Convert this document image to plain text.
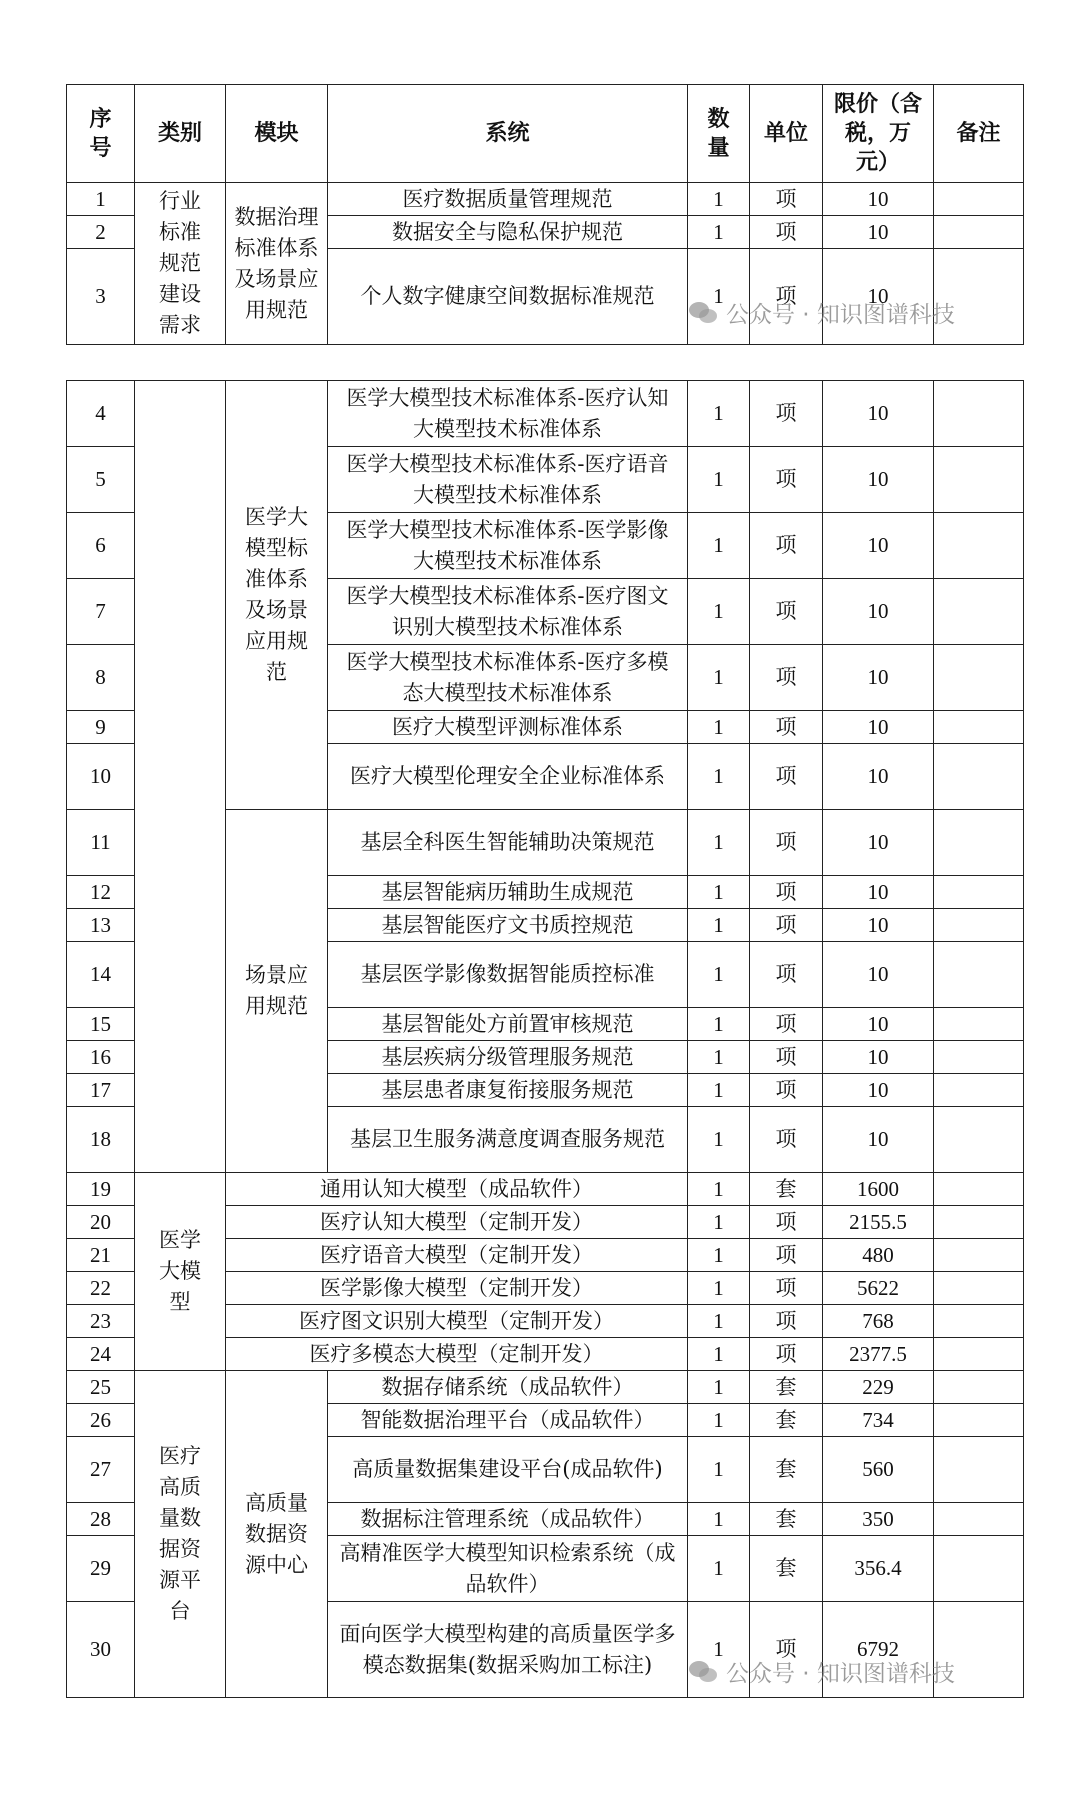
序号	类别	模块	系统	数量	单位	限价（含税，万元）	备注
1	行业标准规范建设需求	数据治理标准体系及场景应用规范	医疗数据质量管理规范	1	项	10	
2			数据安全与隐私保护规范	1	项	10	
3			个人数字健康空间数据标准规范	1	项	10	
4		医学大模型标准体系及场景应用规范	医学大模型技术标准体系-医疗认知大模型技术标准体系	1	项	10	
5			医学大模型技术标准体系-医疗语音大模型技术标准体系	1	项	10	
6			医学大模型技术标准体系-医学影像大模型技术标准体系	1	项	10	
7			医学大模型技术标准体系-医疗图文识别大模型技术标准体系	1	项	10	
8			医学大模型技术标准体系-医疗多模态大模型技术标准体系	1	项	10	
9			医疗大模型评测标准体系	1	项	10	
10			医疗大模型伦理安全企业标准体系	1	项	10	
11		场景应用规范	基层全科医生智能辅助决策规范	1	项	10	
12			基层智能病历辅助生成规范	1	项	10	
13			基层智能医疗文书质控规范	1	项	10	
14			基层医学影像数据智能质控标准	1	项	10	
15			基层智能处方前置审核规范	1	项	10	
16			基层疾病分级管理服务规范	1	项	10	
17			基层患者康复衔接服务规范	1	项	10	
18			基层卫生服务满意度调查服务规范	1	项	10	
19	医学大模型	通用认知大模型（成品软件）		1	套	1600	
20		医疗认知大模型（定制开发）		1	项	2155.5	
21		医疗语音大模型（定制开发）		1	项	480	
22		医学影像大模型（定制开发）		1	项	5622	
23		医疗图文识别大模型（定制开发）		1	项	768	
24		医疗多模态大模型（定制开发）		1	项	2377.5	
25	医疗高质量数据资源平台	高质量数据资源中心	数据存储系统（成品软件）	1	套	229	
26			智能数据治理平台（成品软件）	1	套	734	
27			高质量数据集建设平台(成品软件)	1	套	560	
28			数据标注管理系统（成品软件）	1	套	350	
29			高精准医学大模型知识检索系统（成品软件）	1	套	356.4	
30			面向医学大模型构建的高质量医学多模态数据集(数据采购加工标注)	1	项	6792	
公众号 · 知识图谱科技
公众号 · 知识图谱科技
